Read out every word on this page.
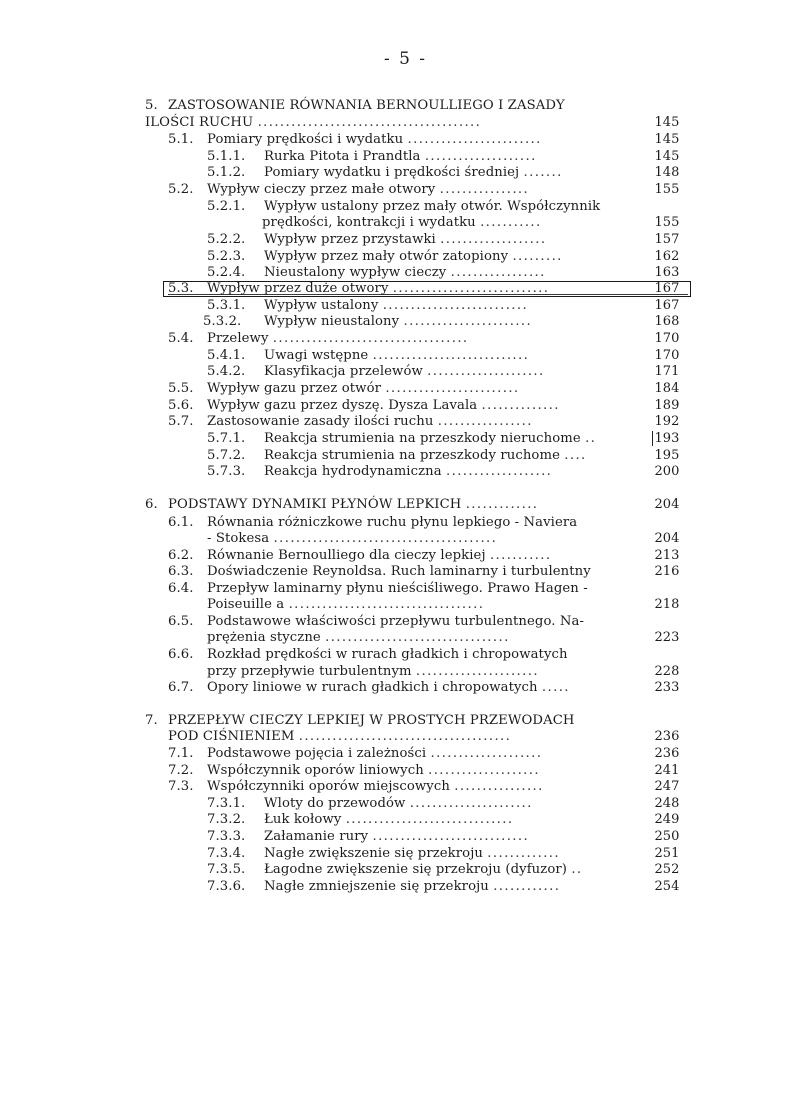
- 5 -
5. ZASTOSOWANIE RÓWNANIA BERNOULLIEGO I ZASADY
ILOŚCI RUCHU ........................................	145
5.1. Pomiary prędkości i wydatku ........................	145
5.1.1. Rurka Pitota i Prandtla ....................	145
5.1.2. Pomiary wydatku i prędkości średniej .......	148
5.2. Wypływ cieczy przez małe otwory ................	155
5.2.1. Wypływ ustalony przez mały otwór. Współczynnik
prędkości, kontrakcji i wydatku ...........	155
5.2.2. Wypływ przez przystawki ...................	157
5.2.3. Wypływ przez mały otwór zatopiony .........	162
5.2.4. Nieustalony wypływ cieczy .................	163
5.3. Wypływ przez duże otwory ............................	167
5.3.1. Wypływ ustalony ..........................	167
5.3.2. Wypływ nieustalony .......................	168
5.4. Przelewy ...................................	170
5.4.1. Uwagi wstępne ............................	170
5.4.2. Klasyfikacja przelewów .....................	171
5.5. Wypływ gazu przez otwór ........................	184
5.6. Wypływ gazu przez dyszę. Dysza Lavala ..............	189
5.7. Zastosowanie zasady ilości ruchu .................	192
5.7.1. Reakcja strumienia na przeszkody nieruchome ..	193
5.7.2. Reakcja strumienia na przeszkody ruchome ....	195
5.7.3. Reakcja hydrodynamiczna ...................	200
6. PODSTAWY DYNAMIKI PŁYNÓW LEPKICH .............	204
6.1. Równania różniczkowe ruchu płynu lepkiego - Naviera
- Stokesa ........................................	204
6.2. Równanie Bernoulliego dla cieczy lepkiej ...........	213
6.3. Doświadczenie Reynoldsa. Ruch laminarny i turbulentny	216
6.4. Przepływ laminarny płynu nieściśliwego. Prawo Hagen -
Poiseuille a ...................................	218
6.5. Podstawowe właściwości przepływu turbulentnego. Na-
prężenia styczne .................................	223
6.6. Rozkład prędkości w rurach gładkich i chropowatych
przy przepływie turbulentnym ......................	228
6.7. Opory liniowe w rurach gładkich i chropowatych .....	233
7. PRZEPŁYW CIECZY LEPKIEJ W PROSTYCH PRZEWODACH
POD CIŚNIENIEM ......................................	236
7.1. Podstawowe pojęcia i zależności ....................	236
7.2. Współczynnik oporów liniowych ....................	241
7.3. Współczynniki oporów miejscowych ................	247
7.3.1. Wloty do przewodów ......................	248
7.3.2. Łuk kołowy ..............................	249
7.3.3. Załamanie rury ............................	250
7.3.4. Nagłe zwiększenie się przekroju .............	251
7.3.5. Łagodne zwiększenie się przekroju (dyfuzor) ..	252
7.3.6. Nagłe zmniejszenie się przekroju ............	254
